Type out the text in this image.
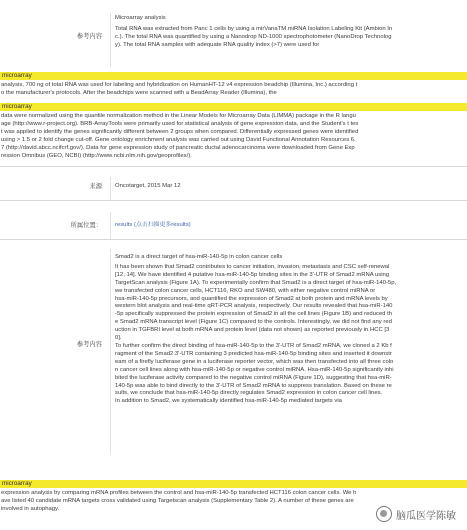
参考内容
Microarray analysis
Total RNA was extracted from Panc 1 cells by using a mirVanaTM miRNA Isolation Labeling Kit (Ambion In
c.). The total RNA was quantified by using a Nanodrop ND-1000 spectrophotometer (NanoDrop Technolog
y). The total RNA samples with adequate RNA quality index (>7) were used for
microarray
analysis, 700 ng of total RNA was used for labeling and hybridization on HumanHT-12 v4 expression beadchip (Illumina, Inc.) according t
o the manufacturer's protocols. After the beadchips were scanned with a BeadArray Reader (Illumina), the
microarray
data were normalized using the quantile normalization method in the Linear Models for Microarray Data (LIMMA) package in the R langu
age (http://www.r-project.org). BRB-ArrayTools were primarily used for statistical analysis of gene expression data, and the Student's t tes
t was applied to identify the genes significantly different between 2 groups when compared. Differentially expressed genes were identified
using > 1.5 or 2 fold change cut-off. Gene ontology enrichment analysis was carried out using David Functional Annotation Resources 6.
7 (http://david.abcc.ncifcrf.gov/). Data for gene expression study of pancreatic ductal adenocarcinoma were downloaded from Gene Exp
ression Omnibus (GEO, NCBI) (http://www.ncbi.nlm.nih.gov/geoprofiles/).
来源	Oncotarget, 2015 Mar 12
所属位置：	results (点击扫描更多results)
参考内容
Smad2 is a direct target of hsa-miR-140-5p in colon cancer cells
It has been shown that Smad2 contributes to cancer initiation, invasion, metastasis and CSC self-renewal
[12, 14]. We have identified 4 putative hsa-miR-140-5p binding sites in the 3'-UTR of Smad2 mRNA using
TargetScan analysis (Figure 1A). To experimentally confirm that Smad2 is a direct target of hsa-miR-140-5p,
we transfected colon cancer cells, HCT116, RKO and SW480, with either negative control miRNA or
hsa-miR-140-5p precursors, and quantified the expression of Smad2 at both protein and mRNA levels by
western blot analysis and real-time qRT-PCR analysis, respectively. Our results revealed that hsa-miR-140
-5p specifically suppressed the protein expression of Smad2 in all the cell lines (Figure 1B) and reduced th
e Smad2 mRNA transcript level (Figure 1C) compared to the controls. Interestingly, we did not find any red
uction in TGFBRI level at both mRNA and protein level (data not shown) as reported previously in HCC [3
0].
To further confirm the direct binding of hsa-miR-140-5p to the 3'-UTR of Smad2 mRNA, we cloned a 2 Kb f
ragment of the Smad2 3'-UTR containing 3 predicted hsa-miR-140-5p binding sites and inserted it downstr
eam of a firefly luciferase gene in a luciferase reporter vector, which was then transfected into all three colo
n cancer cell lines along with hsa-miR-140-5p or negative control miRNA. Hsa-miR-140-5p significantly inhi
bited the luciferase activity compared to the negative control miRNA (Figure 1D), suggesting that hsa-miR-
140-5p was able to bind directly to the 3'-UTR of Smad2 mRNA to suppress translation. Based on these re
sults, we conclude that hsa-miR-140-5p directly regulates Smad2 expression in colon cancer cell lines.
In addition to Smad2, we systematically identified hsa-miR-140-5p mediated targets via
microarray
expression analysis by comparing mRNA profiles between the control and hsa-miR-140-5p transfected HCT116 colon cancer cells. We h
ave listed 40 candidate mRNA targets cross validated using Targetscan analysis (Supplementary Table 2). A number of these genes are
involved in autophagy.
脑瓜医学陈敏
